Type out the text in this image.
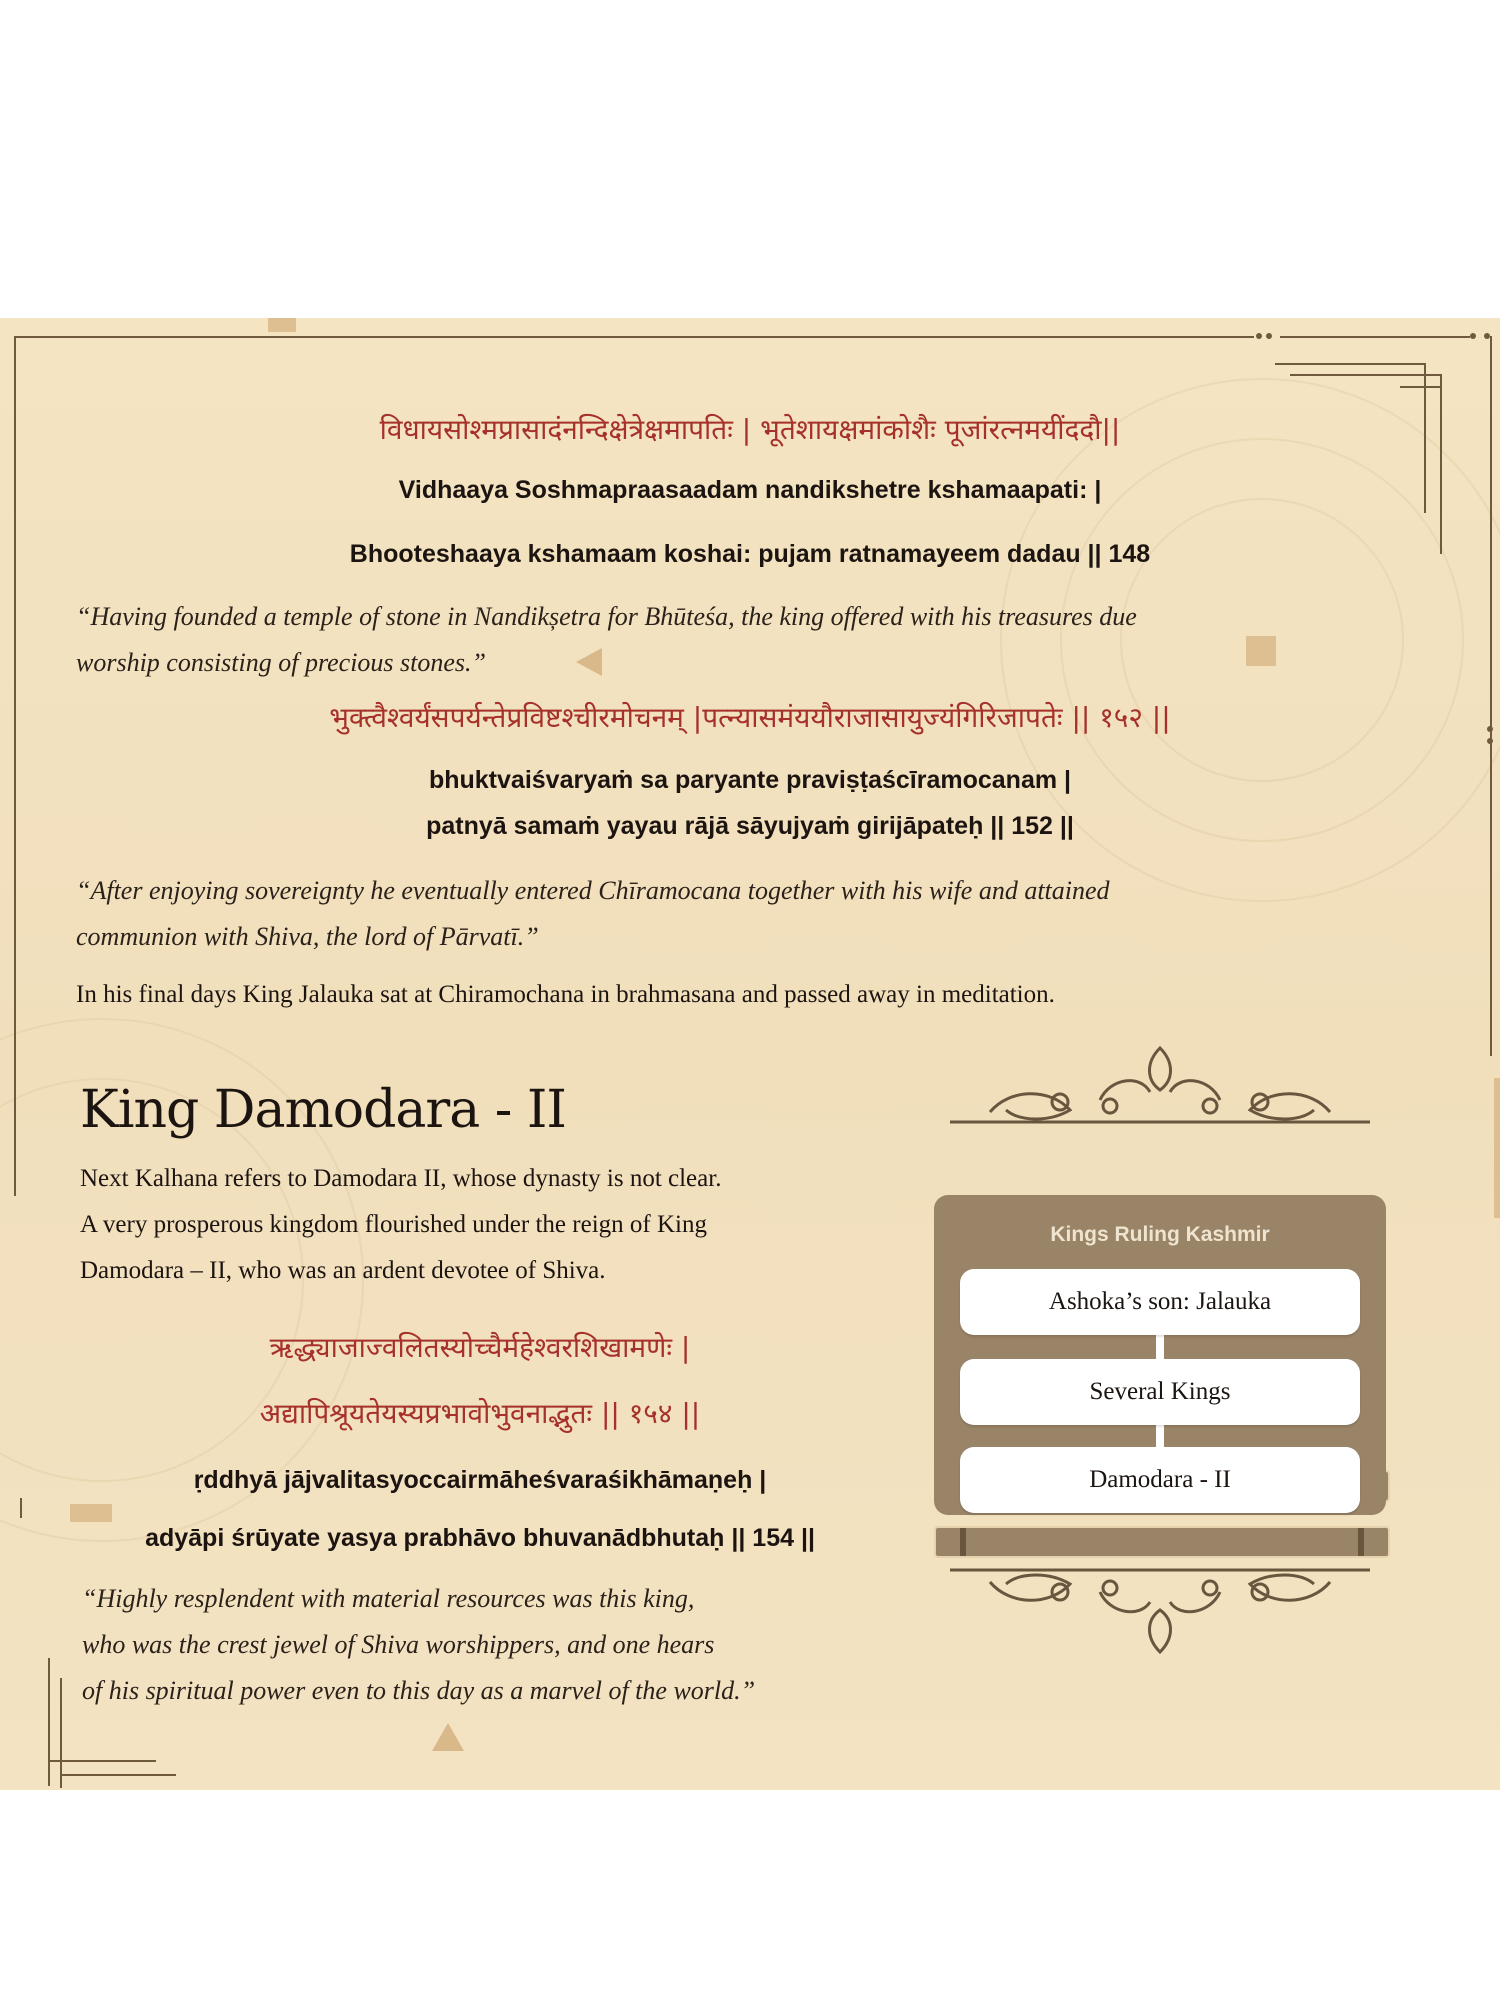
विधायसोश्मप्रासादंनन्दिक्षेत्रेक्षमापतिः | भूतेशायक्षमांकोशैः पूजांरत्नमयींददौ||
Vidhaaya Soshmapraasaadam nandikshetre kshamaapati: |
Bhooteshaaya kshamaam koshai: pujam ratnamayeem dadau || 148
“Having founded a temple of stone in Nandikșetra for Bhūteśa, the king offered with his treasures due
worship consisting of precious stones.”
भुक्त्वैश्वर्यंसपर्यन्तेप्रविष्टश्चीरमोचनम् |पत्न्यासमंययौराजासायुज्यंगिरिजापतेः || १५२ ||
bhuktvaiśvaryaṁ sa paryante praviṣṭaścīramocanam |
patnyā samaṁ yayau rājā sāyujyaṁ girijāpateḥ || 152 ||
“After enjoying sovereignty he eventually entered Chīramocana together with his wife and attained
communion with Shiva, the lord of Pārvatī.”
In his final days King Jalauka sat at Chiramochana in brahmasana and passed away in meditation.
King Damodara - II
Next Kalhana refers to Damodara II, whose dynasty is not clear.
A very prosperous kingdom flourished under the reign of King
Damodara – II, who was an ardent devotee of Shiva.
ऋद्ध्याजाज्वलितस्योच्चैर्महेश्वरशिखामणेः |
अद्यापिश्रूयतेयस्यप्रभावोभुवनाद्भुतः || १५४ ||
ṛddhyā jājvalitasyoccairmāheśvaraśikhāmaṇeḥ |
adyāpi śrūyate yasya prabhāvo bhuvanādbhutaḥ || 154 ||
“Highly resplendent with material resources was this king,
who was the crest jewel of Shiva worshippers, and one hears
of his spiritual power even to this day as a marvel of the world.”
Kings Ruling Kashmir
Ashoka’s son: Jalauka
Several Kings
Damodara - II
